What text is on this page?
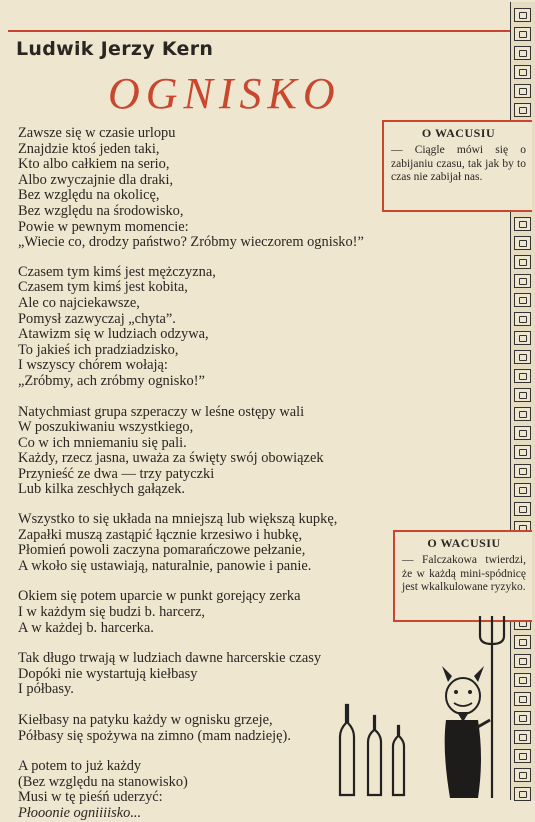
Ludwik Jerzy Kern
OGNISKO

Zawsze się w czasie urlopu
Znajdzie ktoś jeden taki,
Kto albo całkiem na serio,
Albo zwyczajnie dla draki,
Bez względu na okolicę,
Bez względu na środowisko,
Powie w pewnym momencie:
„Wiecie co, drodzy państwo? Zróbmy wieczorem ognisko!”

Czasem tym kimś jest mężczyzna,
Czasem tym kimś jest kobita,
Ale co najciekawsze,
Pomysł zazwyczaj „chyta”.
Atawizm się w ludziach odzywa,
To jakieś ich pradziadzisko,
I wszyscy chórem wołają:
„Zróbmy, ach zróbmy ognisko!”

Natychmiast grupa szperaczy w leśne ostępy wali
W poszukiwaniu wszystkiego,
Co w ich mniemaniu się pali.
Każdy, rzecz jasna, uważa za święty swój obowiązek
Przynieść ze dwa — trzy patyczki
Lub kilka zeschłych gałązek.

Wszystko to się układa na mniejszą lub większą kupkę,
Zapałki muszą zastąpić łącznie krzesiwo i hubkę,
Płomień powoli zaczyna pomarańczowe pełzanie,
A wkoło się ustawiają, naturalnie, panowie i panie.

Okiem się potem uparcie w punkt gorejący zerka
I w każdym się budzi b. harcerz,
A w każdej b. harcerka.

Tak długo trwają w ludziach dawne harcerskie czasy
Dopóki nie wystartują kiełbasy
I półbasy.

Kiełbasy na patyku każdy w ognisku grzeje,
Półbasy się spożywa na zimno (mam nadzieję).

A potem to już każdy
(Bez względu na stanowisko)
Musi w tę pieśń uderzyć:
Płooonie ogniiiisko...

O WACUSIU
— Ciągle mówi się o zabijaniu czasu, tak jak by to czas nie zabijał nas.
O WACUSIU
— Falczakowa twierdzi, że w każdą mini-spódnicę jest wkalkulowane ryzyko.
